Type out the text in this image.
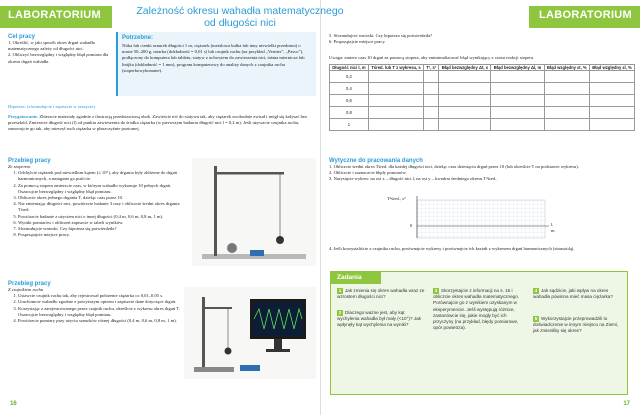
LABORATORIUM
Cel pracy
1. Określić, w jaki sposób okres drgań wahadła matematycznego zależy od długości nici.
2. Obliczyć bezwzględny i względny błąd pomiaru dla okresu drgań wahadła.
Potrzebne:
Nitka lub cienki sznurek długości 1 m, ciężarek (metalowa kulka lub inny niewielki przedmiot) o masie 50–200 g, miarka (dokładność = 0,01 s) lub czujnik ruchu (na przykład „Vernier”, „Pasco”), podłączony do komputera lub tabletu, statyw z uchwytem do zawieszenia nici, taśma mierniczа lub linijka (dokładność = 1 mm), program komputerowy do analizy danych z czujnika ruchu (stoperbowykonanie).
Hipoteza: (sformułujcie i zapiszcie w zeszycie).
Przygotowanie. Zbierzcie materiały zgodnie z ilustracją przedstawioną obok. Zawieście nić do statywu tak, aby ciężarek swobodnie zwisał i mógł się kołysać bez przeszkód. Zmierzcie długość nici (l) od punktu zawieszenia do środka ciężarka (w pierwszym badaniu długość nici l = 0,2 m). Jeśli używacie czujnika ruchu, zamocujcie go tak, aby mierzył ruch ciężarka w płaszczyźnie poziomej.
Przebieg pracy
Ze stoperem
1. Odchylcie ciężarek pod niewielkim kątem (≤ 10°), aby drgania były zbliżone do drgań harmonicznych, a następnie go puśćcie.
2. Za pomocą stopera zmierzcie czas, w którym wahadło wykonuje 10 pełnych drgań. Oszacujcie bezwzględny i względny błąd pomiaru.
3. Obliczcie okres jednego drgania T, dzieląc czas przez 10.
4. Nie zmieniając długości nici, powtórzcie badanie 3 razy i obliczcie średni okres drgania Tśred.
5. Powtórzcie badanie z użyciem nici o innej długości (0,4 m, 0,6 m, 0,8 m, 1 m).
6. Wyniki pomiarów i obliczeń zapiszcie w tabeli wyników.
7. Sformułujcie wnioski. Czy hipoteza się potwierdziła?
8. Posprzątajcie miejsce pracy.
Przebieg pracy
Z czujnikiem ruchu
1. Ustawcie czujnik ruchu tak, aby rejestrował położenie ciężarka co 0,01–0,05 s.
2. Uruchomcie wahadło zgodnie z powyższym opisem i zapiszcie dane dotyczące drgań.
3. Korzystając z zarejestrowanego przez czujnik ruchu, określcie z wykresu okres drgań T. Oszacujcie bezwzględny i względny błąd pomiaru.
4. Powtórzcie pomiary przy użyciu sznurków różnej długości (0,4 m, 0,6 m, 0,8 m, 1 m).
16
LABORATORIUM
5. Sformułujcie wnioski. Czy hipoteza się potwierdziła?
6. Posprzątajcie miejsce pracy.
Uwaga: zmierz czas 10 drgań za pomocą stopera, aby zminimalizować błąd wynikający z czasu reakcji stopera.
Długość nici l, m	Tśred. lub T z wykresu, s	T², s²	Błąd bezwzględny Δt, s	Błąd bezwzględny Δl, m	Błąd względny εt, %	Błąd względny εl, %
0,2						
0,4						
0,6						
0,8						
1						
Wytyczne do pracowania danych
1. Obliczcie średni okres Tśred. dla każdej długości nici, dzieląc czas dziesięciu drgań przez 10 (lub określcie T na podstawie wykresu).
2. Obliczcie i zaznaczcie błędy pomiarów.
3. Narysujcie wykres: na osi x – długość nici l, na osi y – kwadrat średniego okresu T²śred..
T²śred., s²
l, m
0
4. Jeśli korzystaliście z czujnika ruchu, porównajcie wykresy i porównajcie ich kształt z wykresem drgań harmonicznych (sinusoidą).
17
Zadania
1 Jak zmienia się okres wahadła wraz ze wzrostem długości nici?
2 Dlaczego ważne jest, aby kąt wychylenia wahadła był mały (<10°)? Jak wpłynęły kąt wychylenia na wyniki?
3 Skorzystajcie z informacji na s. 15 i obliczcie okres wahadła matematycznego. Porównajcie go z wynikiem uzyskanym w eksperymencie. Jeśli występują różnice, zastanówcie się, jakie mogły być ich przyczyny (na przykład, błędy pomiarowe, opór powietrza).
4 Jak sądzicie, jaki wpływ na okres wahadła powinna mieć masa ciężarka?
5 Wykorzystajcie przeprowadzili to doświadczenie w innym miejscu na Ziemi, jak zmieniłby się okres?
Zależność okresu wahadła matematycznego od długości nici
